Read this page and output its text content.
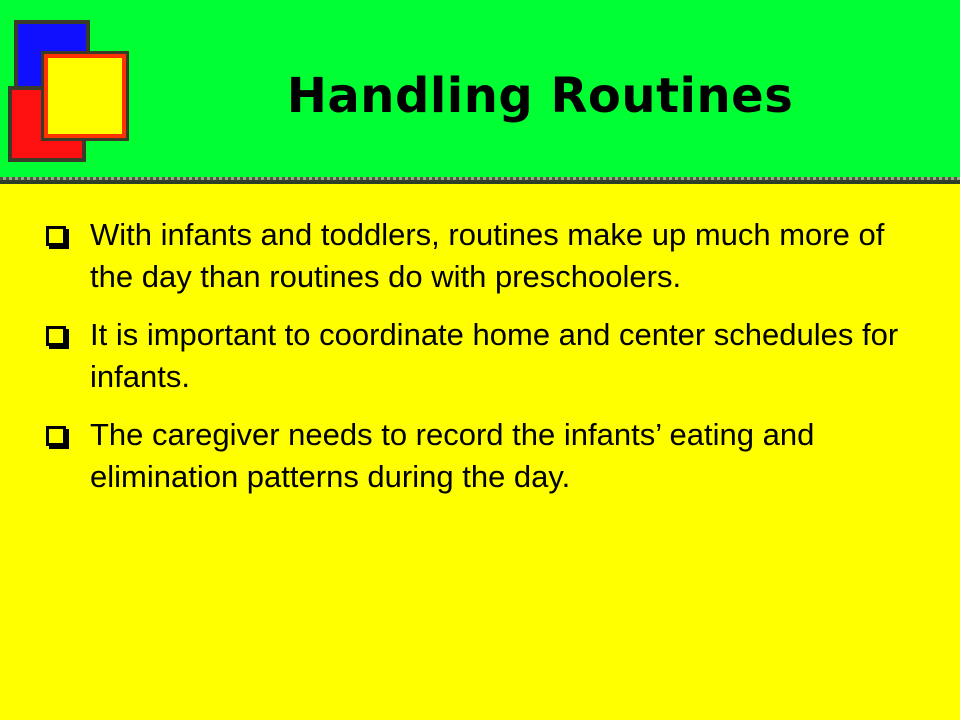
Handling Routines
With infants and toddlers, routines make up much more of the day than routines do with preschoolers.
It is important to coordinate home and center schedules for infants.
The caregiver needs to record the infants’ eating and elimination patterns during the day.
